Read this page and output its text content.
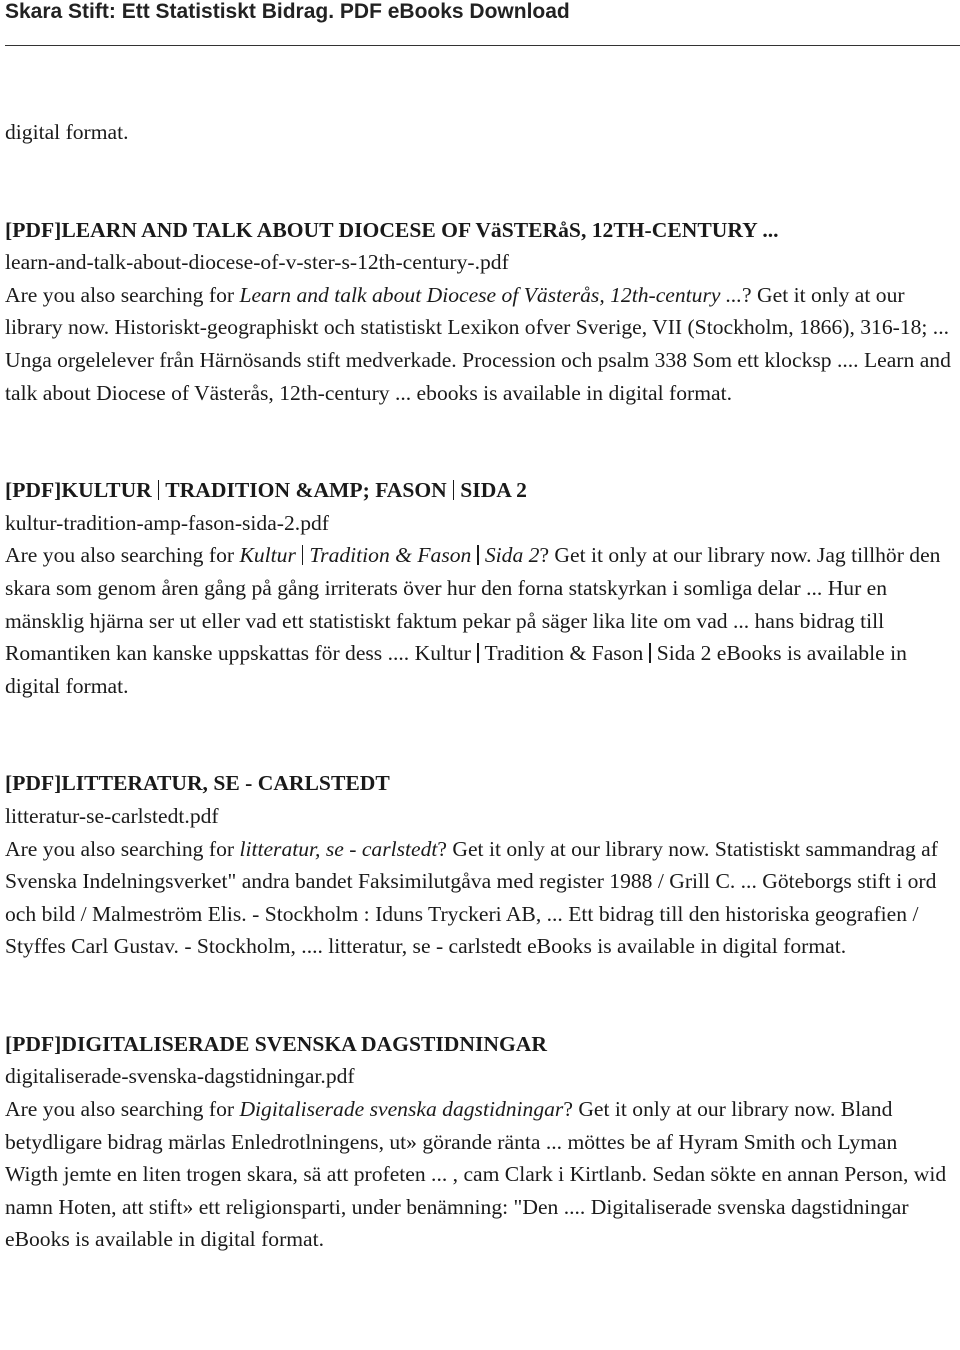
Skara Stift: Ett Statistiskt Bidrag. PDF eBooks Download

digital format.

[PDF]LEARN AND TALK ABOUT DIOCESE OF VäSTERåS, 12TH-CENTURY ...

learn-and-talk-about-diocese-of-v-ster-s-12th-century-.pdf

Are you also searching for Learn and talk about Diocese of Västerås, 12th-century ...? Get it only at our library now. Historiskt-geographiskt och statistiskt Lexikon ofver Sverige, VII (Stockholm, 1866), 316-18; ... Unga orgelelever från Härnösands stift medverkade. Procession och psalm 338 Som ett klocksp .... Learn and talk about Diocese of Västerås, 12th-century ... ebooks is available in digital format.

[PDF]KULTUR TRADITION &AMP; FASON SIDA 2

kultur-tradition-amp-fason-sida-2.pdf

Are you also searching for Kultur Tradition & Fason Sida 2? Get it only at our library now. Jag tillhör den skara som genom åren gång på gång irriterats över hur den forna statskyrkan i somliga delar ... Hur en mänsklig hjärna ser ut eller vad ett statistiskt faktum pekar på säger lika lite om vad ... hans bidrag till Romantiken kan kanske uppskattas för dess .... Kultur Tradition & Fason Sida 2 eBooks is available in digital format.

[PDF]LITTERATUR, SE - CARLSTEDT

litteratur-se-carlstedt.pdf

Are you also searching for litteratur, se - carlstedt? Get it only at our library now. Statistiskt sammandrag af Svenska Indelningsverket" andra bandet Faksimilutgåva med register 1988 / Grill C. ... Göteborgs stift i ord och bild / Malmeström Elis. - Stockholm : Iduns Tryckeri AB, ... Ett bidrag till den historiska geografien / Styffes Carl Gustav. - Stockholm, .... litteratur, se - carlstedt eBooks is available in digital format.

[PDF]DIGITALISERADE SVENSKA DAGSTIDNINGAR

digitaliserade-svenska-dagstidningar.pdf

Are you also searching for Digitaliserade svenska dagstidningar? Get it only at our library now. Bland betydligare bidrag märlas Enledrotlningens, ut» görande ränta ... möttes be af Hyram Smith och Lyman Wigth jemte en liten trogen skara, sä att profeten ... , cam Clark i Kirtlanb. Sedan sökte en annan Person, wid namn Hoten, att stift» ett religionsparti, under benämning: "Den .... Digitaliserade svenska dagstidningar eBooks is available in digital format.
